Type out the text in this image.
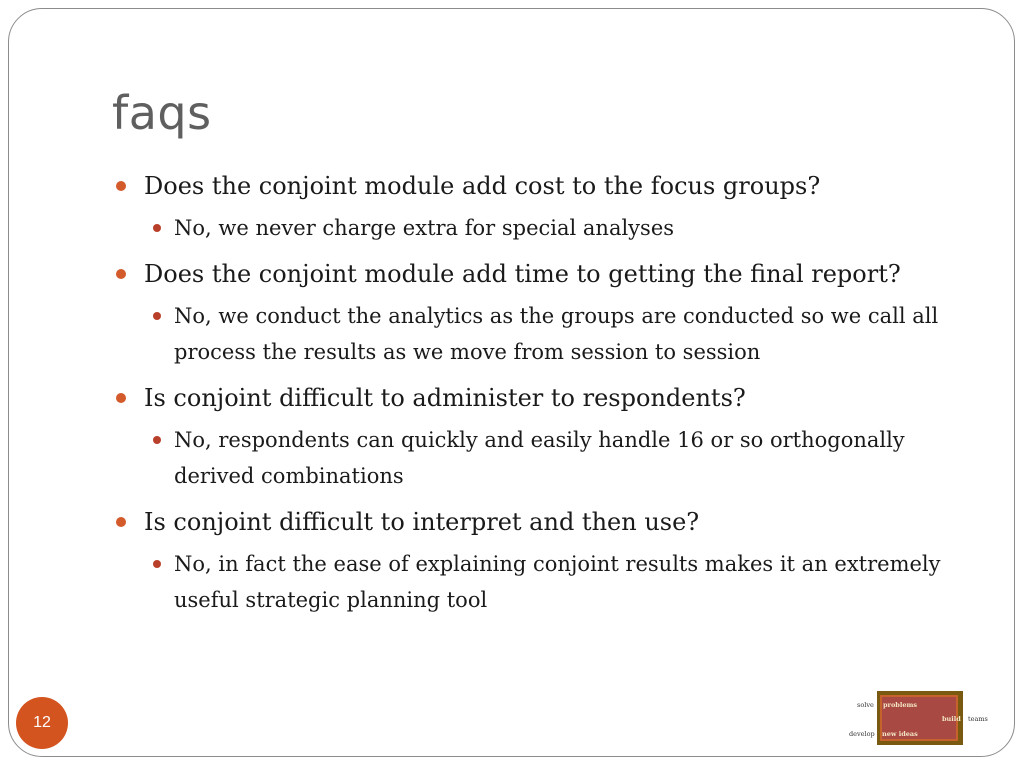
faqs
Does the conjoint module add cost to the focus groups?
No, we never charge extra for special analyses
Does the conjoint module add time to getting the final report?
No, we conduct the analytics as the groups are conducted so we call all process the results as we move from session to session
Is conjoint difficult to administer to respondents?
No, respondents can quickly and easily handle 16 or so orthogonally derived combinations
Is conjoint difficult to interpret and then use?
No, in fact the ease of explaining conjoint results makes it an extremely useful strategic planning tool
12
solve problems
build teams
develop new ideas
